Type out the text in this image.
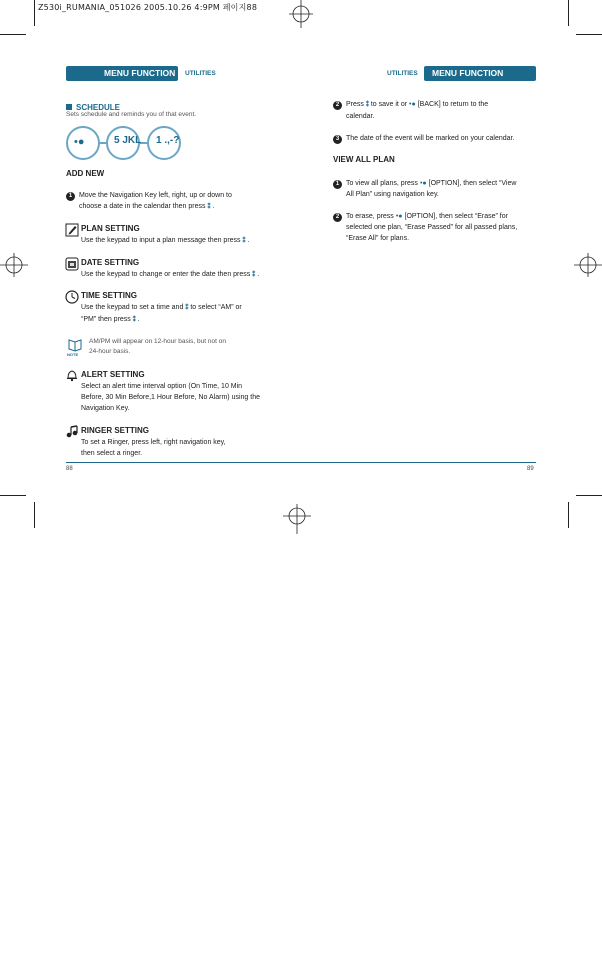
Z530i_RUMANIA_051026 2005.10.26 4:9PM 페이지88
MENU FUNCTION UTILITIES
SCHEDULE
Sets schedule and reminds you of that event.
•●	5 JKL 1 .,-?
ADD NEW
1 Move the Navigation Key left, right, up or down to
choose a date in the calendar then press ⁑ .
PLAN SETTING
Use the keypad to input a plan message then press ⁑ .
DATE SETTING
Use the keypad to change or enter the date then press ⁑ .
TIME SETTING
Use the keypad to set a time and ⁑ to select “AM” or
“PM” then press ⁑ .
NOTE
AM/PM will appear on 12-hour basis, but not on
24-hour basis.
ALERT SETTING
Select an alert time interval option (On Time, 10 Min
Before, 30 Min Before,1 Hour Before, No Alarm) using the
Navigation Key.
RINGER SETTING
To set a Ringer, press left, right navigation key,
then select a ringer.
88
UTILITIES MENU FUNCTION
2 Press ⁑ to save it or •● [BACK] to return to the
calendar.
3 The date of the event will be marked on your calendar.
VIEW ALL PLAN
1 To view all plans, press •● [OPTION], then select “View
All Plan” using navigation key.
2 To erase, press •● [OPTION], then select “Erase” for
selected one plan, “Erase Passed” for all passed plans,
“Erase All” for plans.
89
